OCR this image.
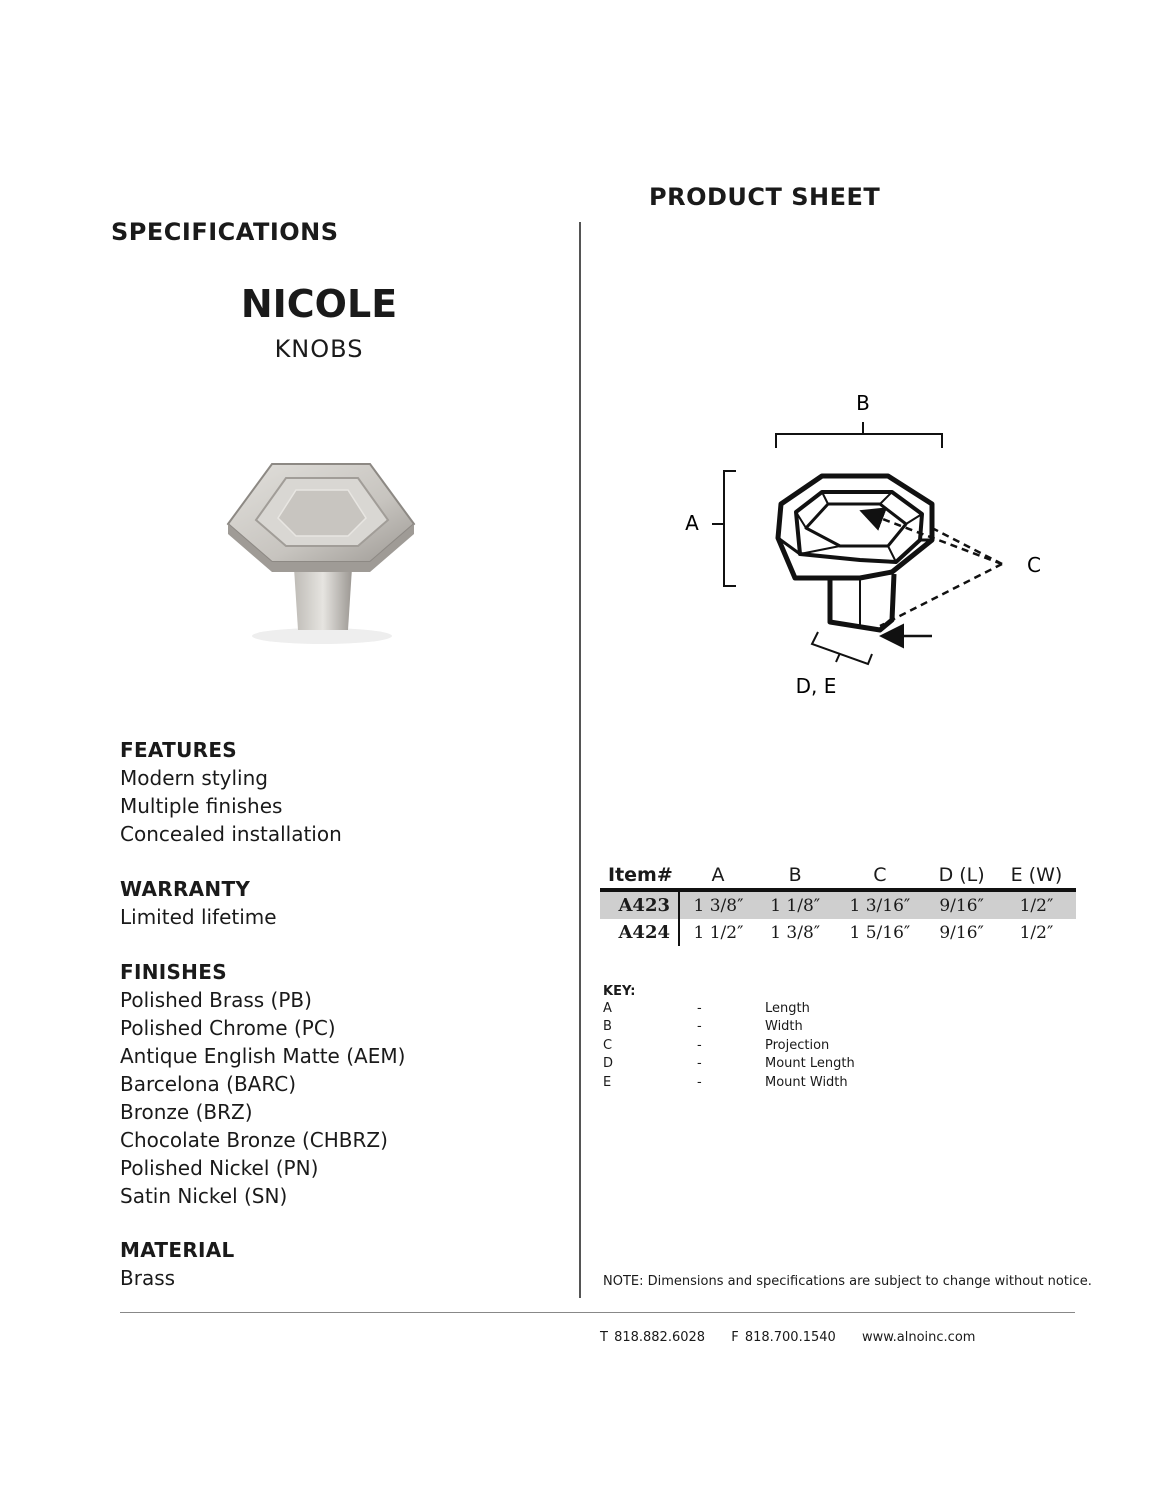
SPECIFICATIONS
PRODUCT SHEET
NICOLE
KNOBS
FEATURES
Modern styling
Multiple finishes
Concealed installation
WARRANTY
Limited lifetime
FINISHES
Polished Brass (PB)
Polished Chrome (PC)
Antique English Matte (AEM)
Barcelona (BARC)
Bronze (BRZ)
Chocolate Bronze (CHBRZ)
Polished Nickel (PN)
Satin Nickel (SN)
MATERIAL
Brass
B
A
C
D, E
Item#	A	B	C	D (L)	E (W)
A423	1 3/8″	1 1/8″	1 3/16″	9/16″	1/2″
A424	1 1/2″	1 3/8″	1 5/16″	9/16″	1/2″
KEY:
A	-	Length
B	-	Width
C	-	Projection
D	-	Mount Length
E	-	Mount Width
NOTE: Dimensions and specifications are subject to change without notice.
T 818.882.6028 F 818.700.1540 www.alnoinc.com
